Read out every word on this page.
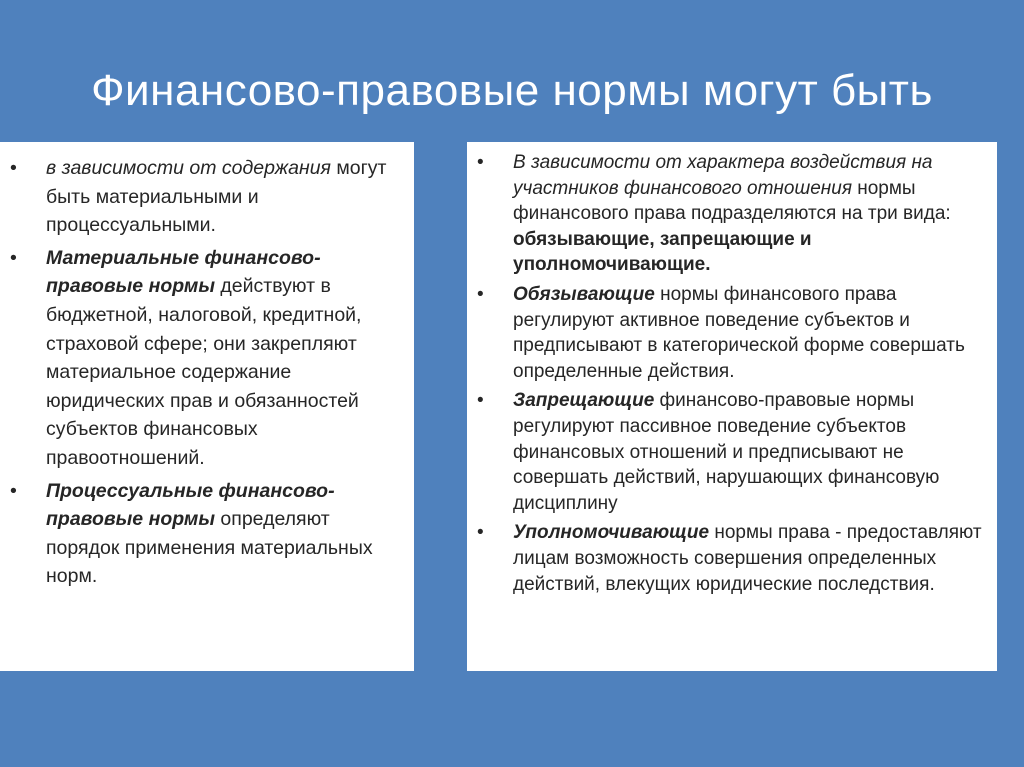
Финансово-правовые нормы могут быть
• в зависимости от содержания могут быть материальными и процессуальными.
• Материальные финансово-правовые нормы действуют в бюджетной, налоговой, кредитной, страховой сфере; они закрепляют материальное содержание юридических прав и обязанностей субъектов финансовых правоотношений.
• Процессуальные финансово-правовые нормы определяют порядок применения материальных норм.
• В зависимости от характера воздействия на участников финансового отношения нормы финансового права подразделяются на три вида: обязывающие, запрещающие и уполномочивающие.
• Обязывающие нормы финансового права регулируют активное поведение субъектов и предписывают в категорической форме совершать определенные действия.
• Запрещающие финансово-правовые нормы регулируют пассивное поведение субъектов финансовых отношений и предписывают не совершать действий, нарушающих финансовую дисциплину
• Уполномочивающие нормы права - предоставляют лицам возможность совершения определенных действий, влекущих юридические последствия.
